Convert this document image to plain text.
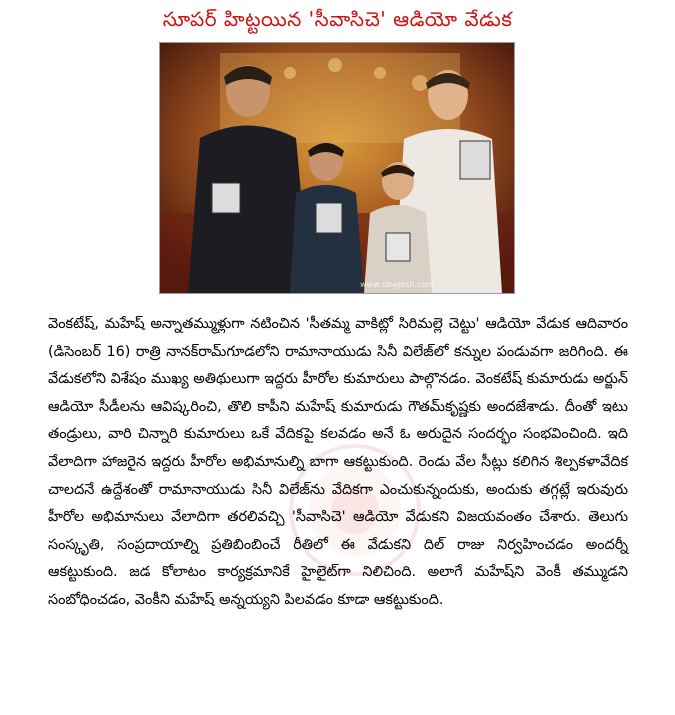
సూపర్ హిట్టయిన 'సీవాసిచె' ఆడియో వేడుక
www.cinejosh.com

వెంకటేష్, మహేష్ అన్నాతమ్ముళ్లుగా నటించిన 'సీతమ్మ వాకిట్లో సిరిమల్లె చెట్టు' ఆడియో వేడుక ఆదివారం (డిసెంబర్ 16) రాత్రి నానక్‌రామ్‌గూడలోని రామానాయుడు సినీ విలేజ్‌లో కన్నుల పండువగా జరిగింది. ఈ వేడుకలోని విశేషం ముఖ్య అతిథులుగా ఇద్దరు హీరోల కుమారులు పాల్గొనడం. వెంకటేష్ కుమారుడు అర్జున్ ఆడియో సీడీలను ఆవిష్కరించి, తొలి కాపీని మహేష్ కుమారుడు గౌతమ్‌కృష్ణకు అందజేశాడు. దీంతో ఇటు తండ్రులు, వారి చిన్నారి కుమారులు ఒకే వేదికపై కలవడం అనే ఓ అరుదైన సందర్భం సంభవించింది. ఇది వేలాదిగా హాజరైన ఇద్దరు హీరోల అభిమానుల్ని బాగా ఆకట్టుకుంది. రెండు వేల సీట్లు కలిగిన శిల్పకళావేదిక చాలదనే ఉద్దేశంతో రామానాయుడు సినీ విలేజ్‌ను వేదికగా ఎంచుకున్నందుకు, అందుకు తగ్గట్లే ఇరువురు హీరోల అభిమానులు వేలాదిగా తరలివచ్చి 'సీవాసిచె' ఆడియో వేడుకని విజయవంతం చేశారు. తెలుగు సంస్కృతి, సంప్రదాయాల్ని ప్రతిబింబించే రీతిలో ఈ వేడుకని దిల్ రాజు నిర్వహించడం అందర్నీ ఆకట్టుకుంది. జడ కోలాటం కార్యక్రమానికే హైలైట్‌గా నిలిచింది. అలాగే మహేష్‌ని వెంకీ తమ్ముడని సంబోధించడం, వెంకీని మహేష్ అన్నయ్యని పిలవడం కూడా ఆకట్టుకుంది.
